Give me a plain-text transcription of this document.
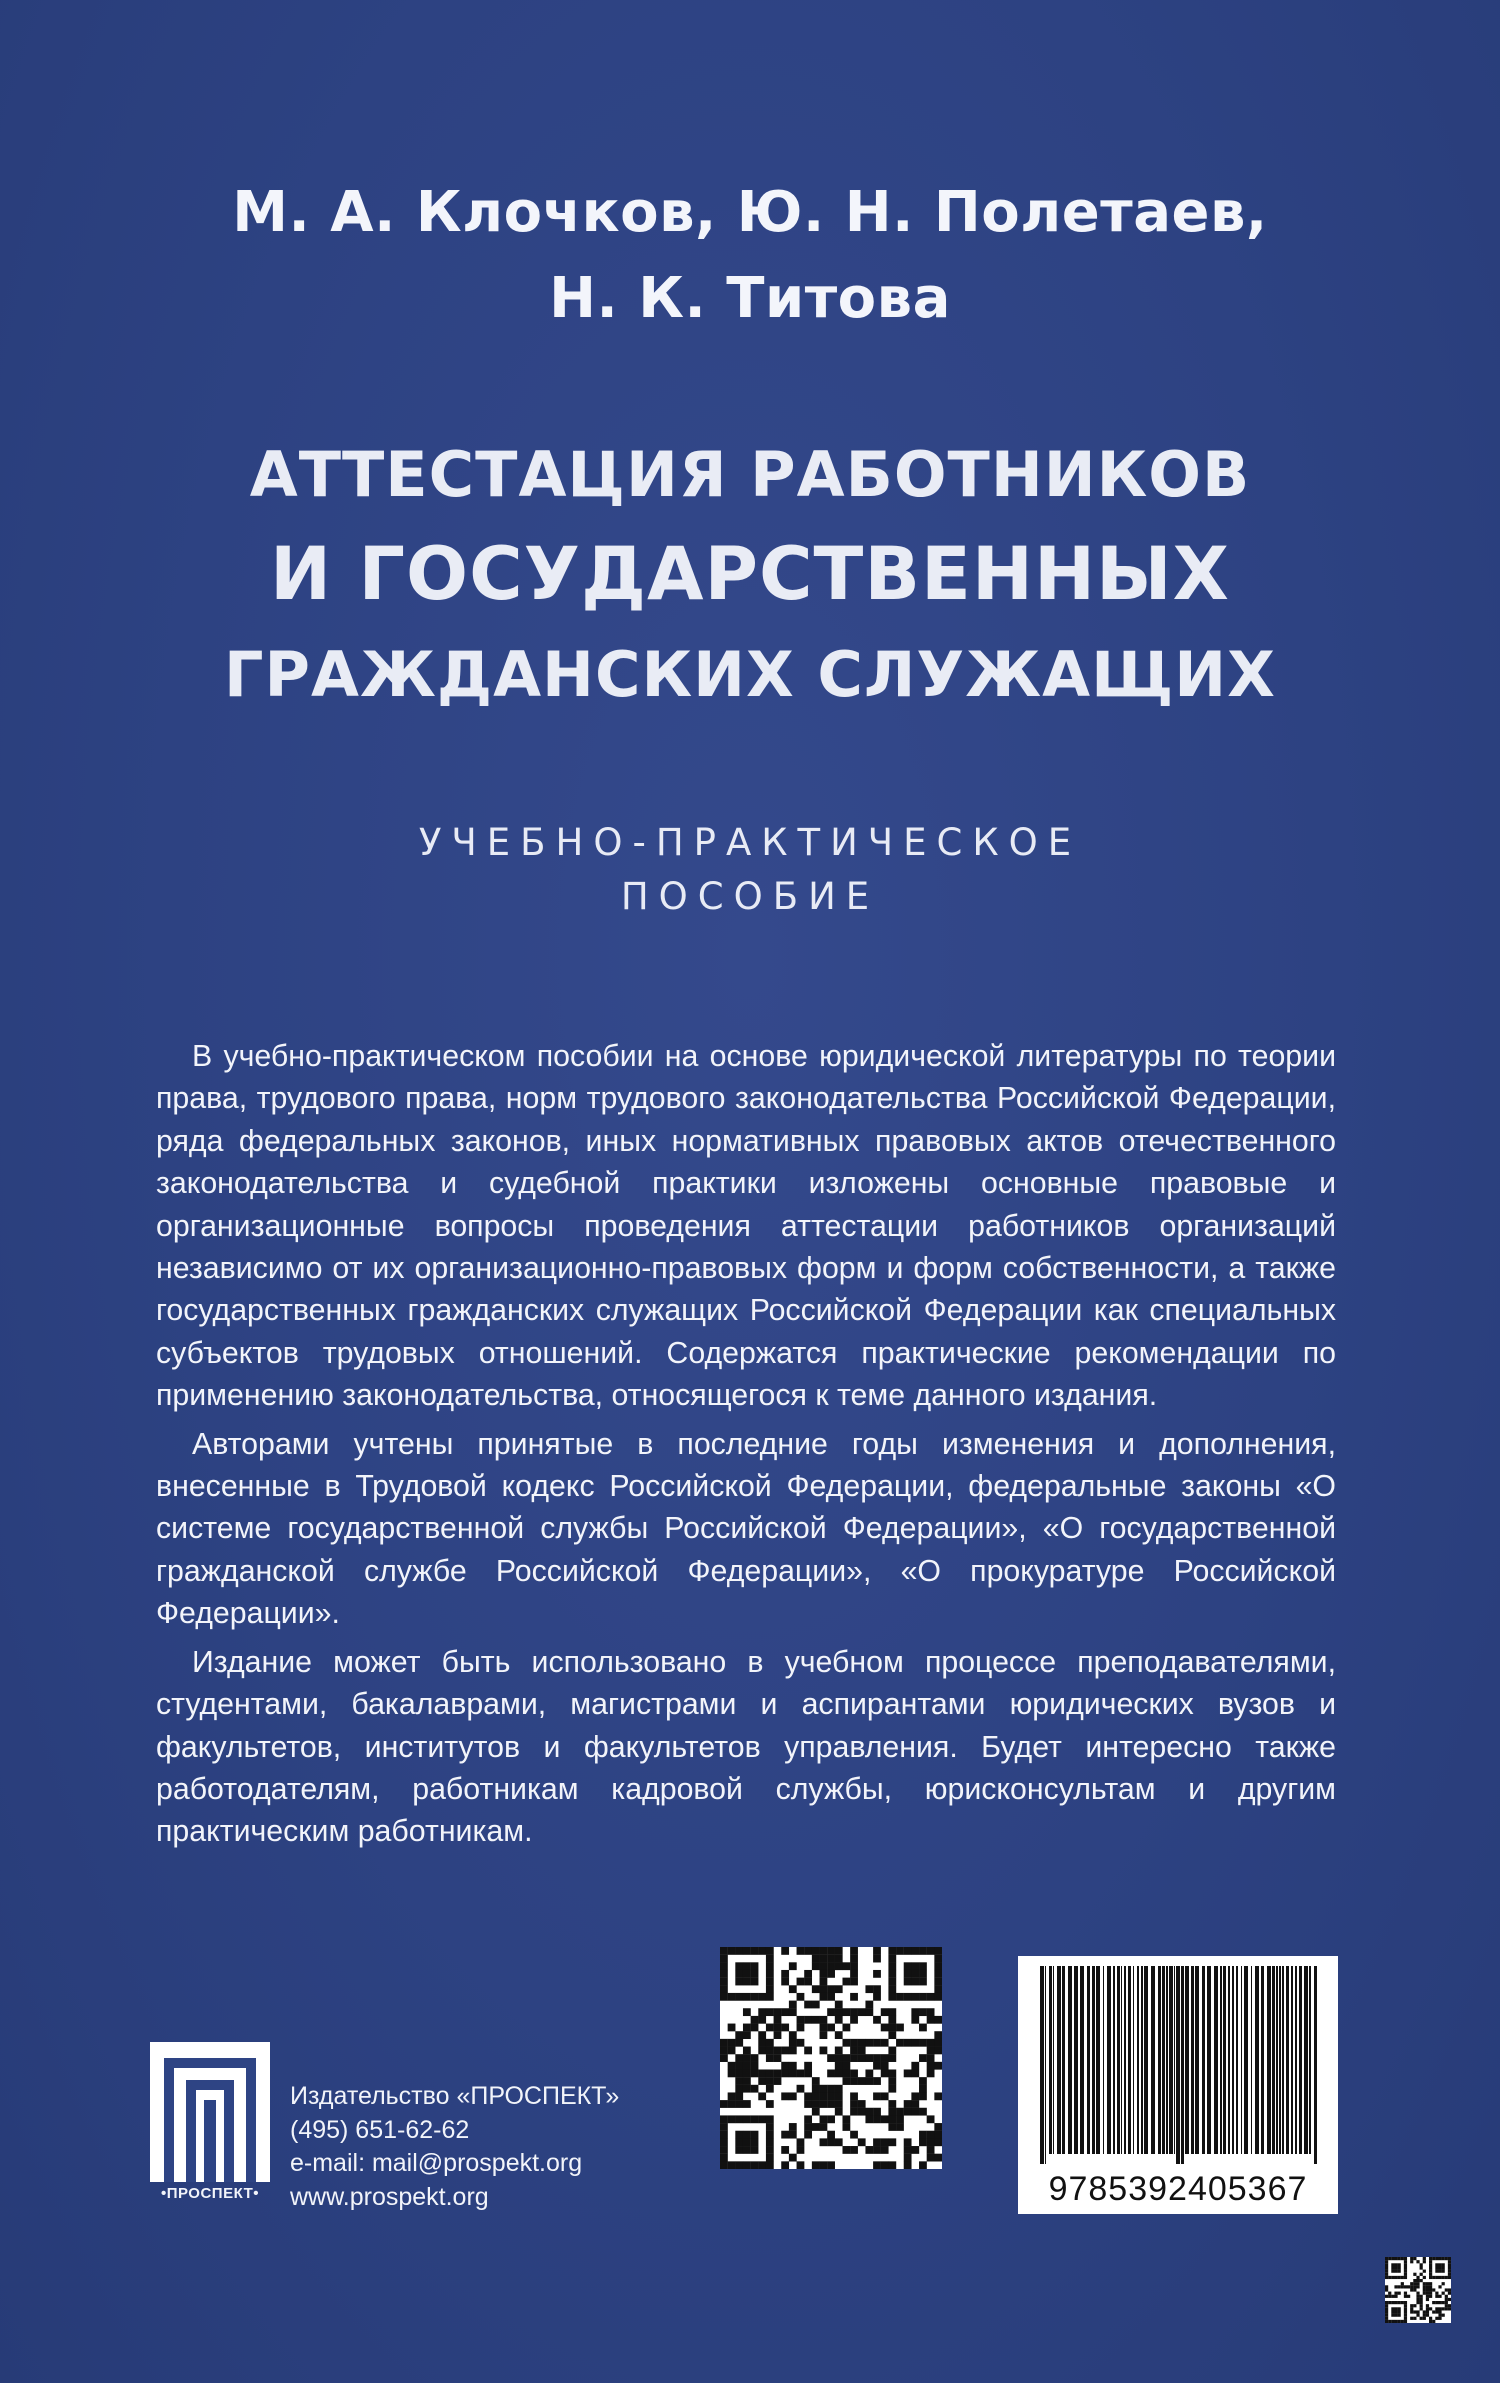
М. А. Клочков, Ю. Н. Полетаев,
Н. К. Титова
АТТЕСТАЦИЯ РАБОТНИКОВ
И ГОСУДАРСТВЕННЫХ
ГРАЖДАНСКИХ СЛУЖАЩИХ
УЧЕБНО-ПРАКТИЧЕСКОЕ
ПОСОБИЕ

В учебно-практическом пособии на основе юридической литературы по теории права, трудового права, норм трудового законодательства Российской Федерации, ряда федеральных законов, иных нормативных правовых актов отечественного законодательства и судебной практики изложены основные правовые и организационные вопросы проведения аттестации работников организаций независимо от их организационно-правовых форм и форм собственности, а также государственных гражданских служащих Российской Федерации как специальных субъектов трудовых отношений. Содержатся практические рекомендации по применению законодательства, относящегося к теме данного издания.

Авторами учтены принятые в последние годы изменения и дополнения, внесенные в Трудовой кодекс Российской Федерации, федеральные законы «О системе государственной службы Российской Федерации», «О государственной гражданской службе Российской Федерации», «О прокуратуре Российской Федерации».

Издание может быть использовано в учебном процессе преподавателями, студентами, бакалаврами, магистрами и аспирантами юридических вузов и факультетов, институтов и факультетов управления. Будет интересно также работодателям, работникам кадровой службы, юрисконсультам и другим практическим работникам.

•ПРОСПЕКТ•
Издательство «ПРОСПЕКТ»
(495) 651-62-62
e-mail: mail@prospekt.org
www.prospekt.org	9785392405367
